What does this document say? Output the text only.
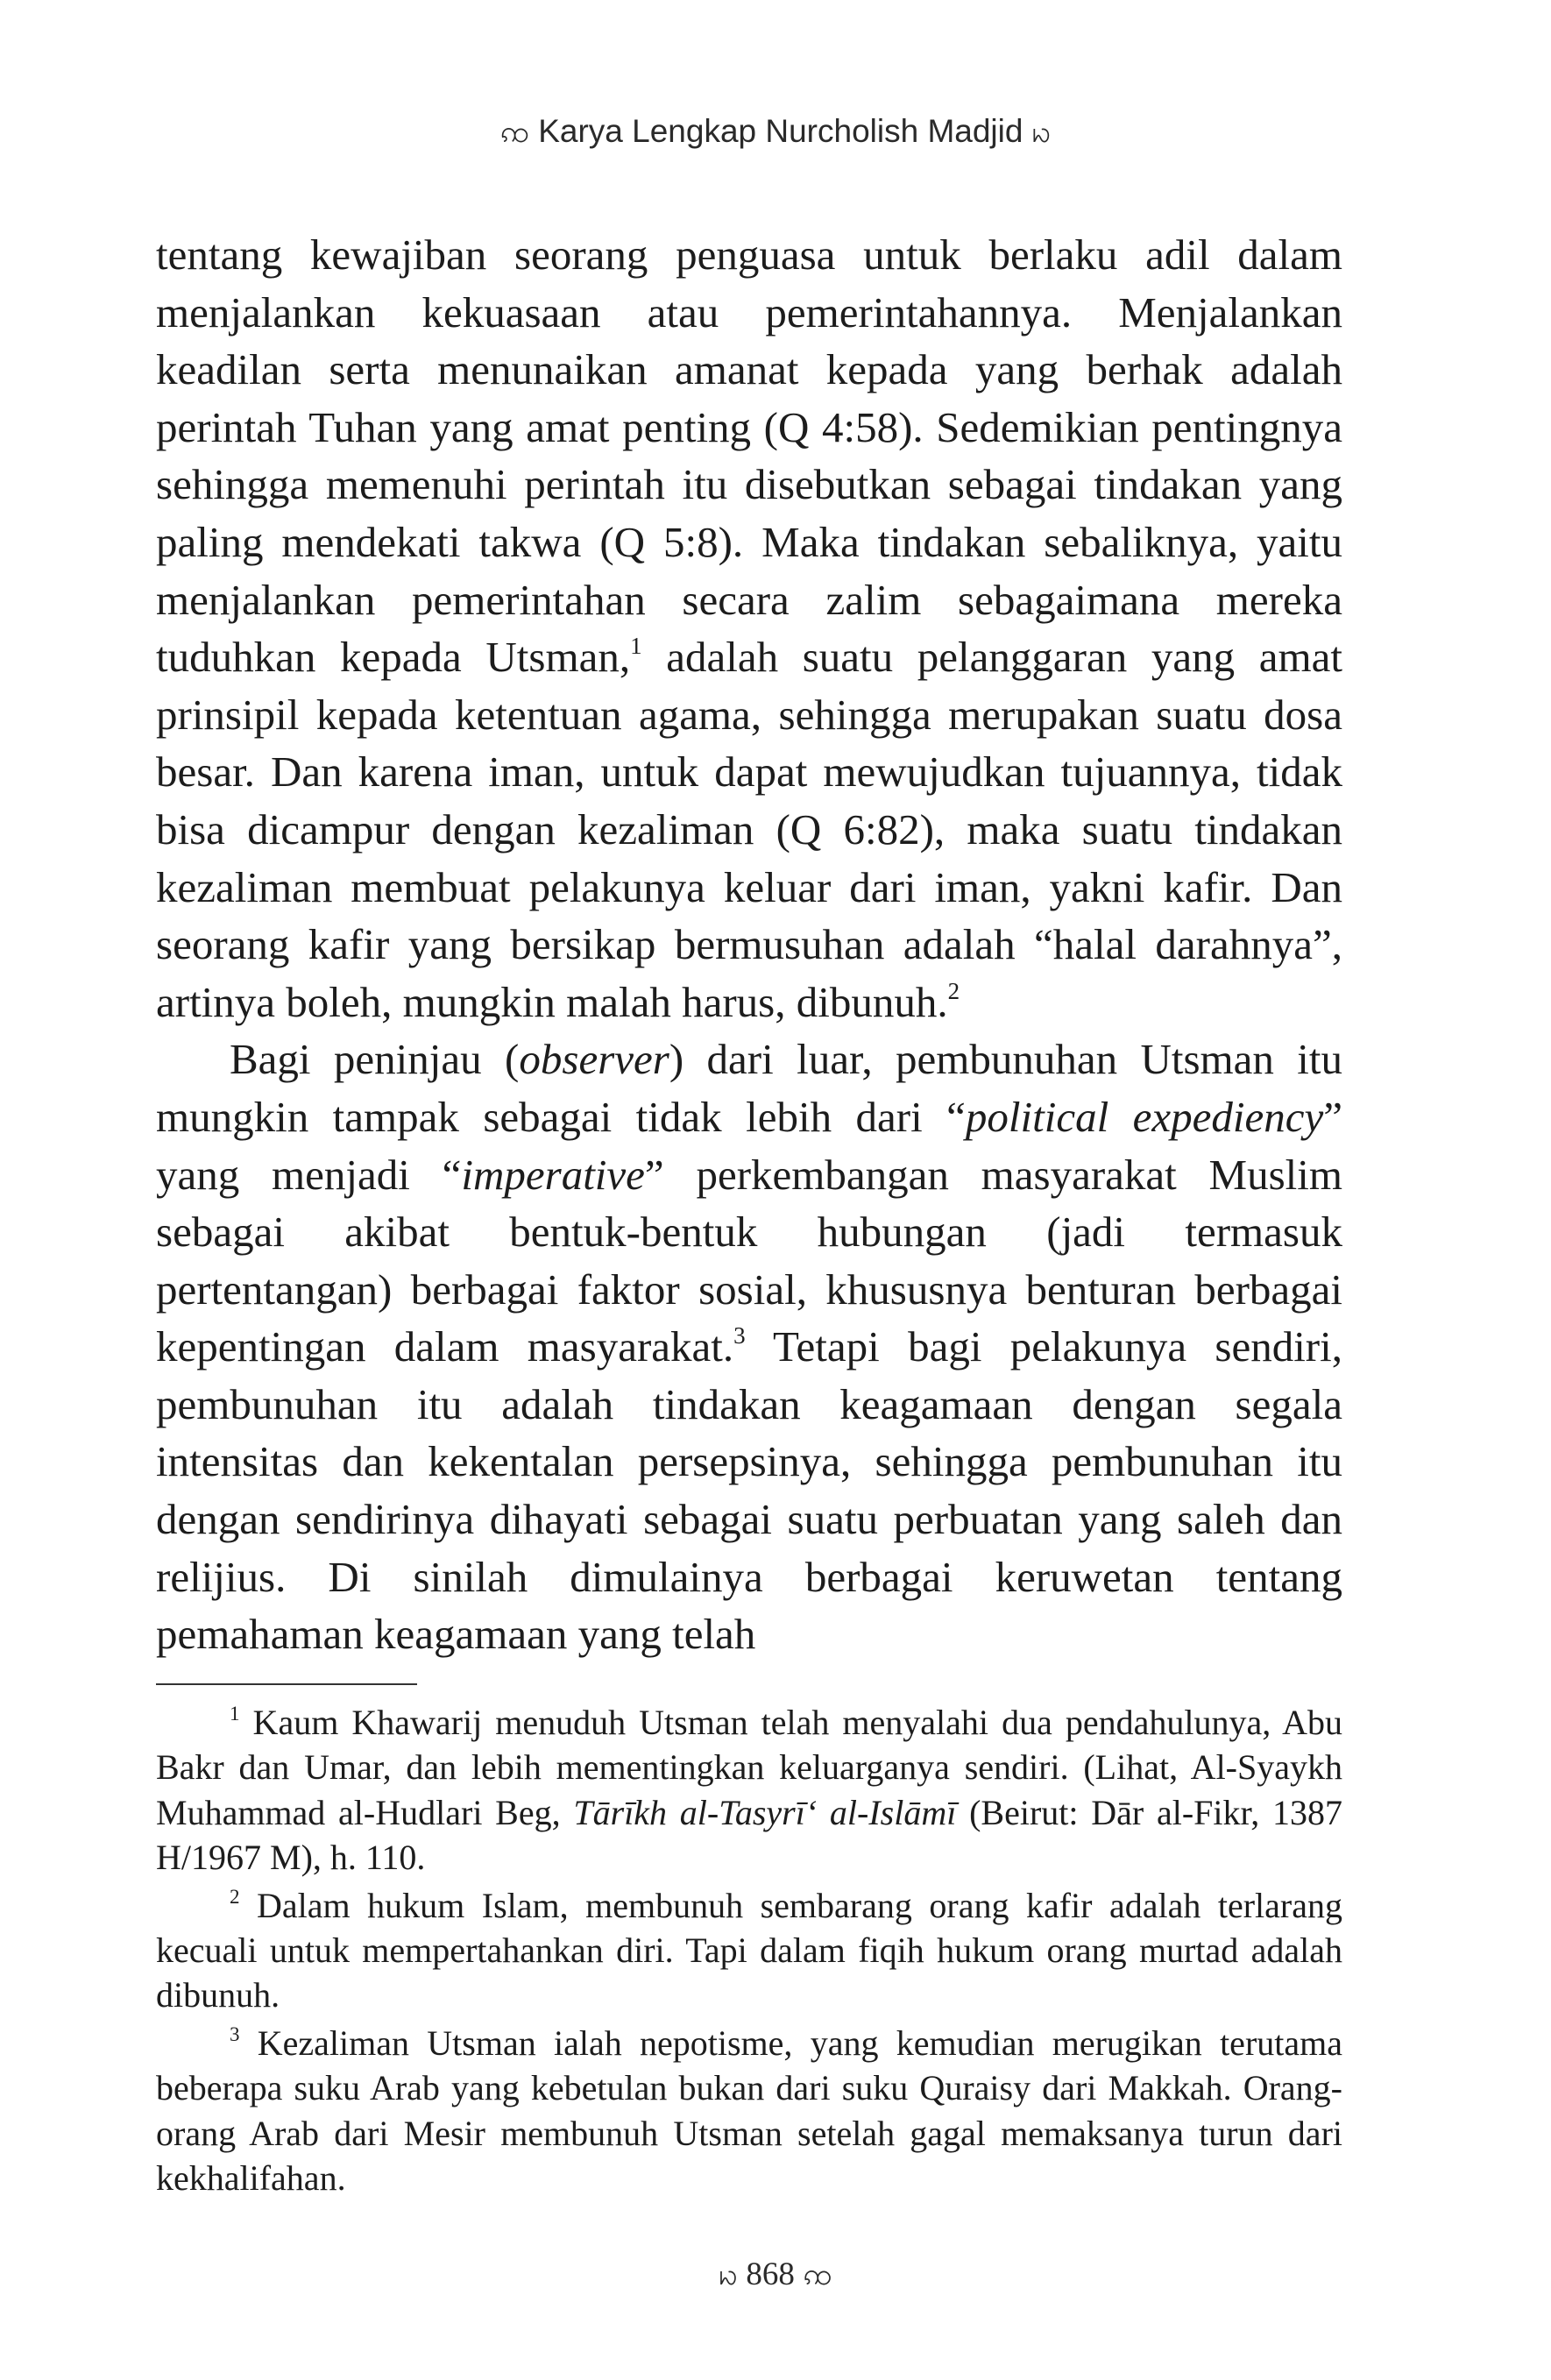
ꩡ Karya Lengkap Nurcholish Madjid ꩢ

tentang kewajiban seorang penguasa untuk berlaku adil dalam menjalankan kekuasaan atau pemerintahannya. Menjalankan keadilan serta menunaikan amanat kepada yang berhak adalah perintah Tuhan yang amat penting (Q 4:58). Sedemikian pentingnya sehingga memenuhi perintah itu disebutkan sebagai tindakan yang paling mendekati takwa (Q 5:8). Maka tindakan sebaliknya, yaitu menjalankan pemerintahan secara zalim sebagaimana mereka tuduhkan kepada Utsman,$^1$ adalah suatu pelanggaran yang amat prinsipil kepada ketentuan agama, sehingga merupakan suatu dosa besar. Dan karena iman, untuk dapat mewujudkan tujuannya, tidak bisa dicampur dengan kezaliman (Q 6:82), maka suatu tindakan kezaliman membuat pelakunya keluar dari iman, yakni kafir. Dan seorang kafir yang bersikap bermusuhan adalah “halal darahnya”, artinya boleh, mungkin malah harus, dibunuh.$^2$

Bagi peninjau (observer) dari luar, pembunuhan Utsman itu mungkin tampak sebagai tidak lebih dari “political expediency” yang menjadi “imperative” perkembangan masyarakat Muslim sebagai akibat bentuk-bentuk hubungan (jadi termasuk pertentangan) berbagai faktor sosial, khususnya benturan berbagai kepentingan dalam masyarakat.$^3$ Tetapi bagi pelakunya sendiri, pembunuhan itu adalah tindakan keagamaan dengan segala intensitas dan kekentalan persepsinya, sehingga pembunuhan itu dengan sendirinya dihayati sebagai suatu perbuatan yang saleh dan relijius. Di sinilah dimulainya berbagai keruwetan tentang pemahaman keagamaan yang telah

$^1$ Kaum Khawarij menuduh Utsman telah menyalahi dua pendahulunya, Abu Bakr dan Umar, dan lebih mementingkan keluarganya sendiri. (Lihat, Al-Syaykh Muhammad al-Hudlari Beg, Tārīkh al-Tasyrī‘ al-Islāmī (Beirut: Dār al-Fikr, 1387 H/1967 M), h. 110.

$^2$ Dalam hukum Islam, membunuh sembarang orang kafir adalah terlarang kecuali untuk mempertahankan diri. Tapi dalam fiqih hukum orang murtad adalah dibunuh.

$^3$ Kezaliman Utsman ialah nepotisme, yang kemudian merugikan terutama beberapa suku Arab yang kebetulan bukan dari suku Quraisy dari Makkah. Orang-orang Arab dari Mesir membunuh Utsman setelah gagal memaksanya turun dari kekhalifahan.

ꩢ 868 ꩡ
